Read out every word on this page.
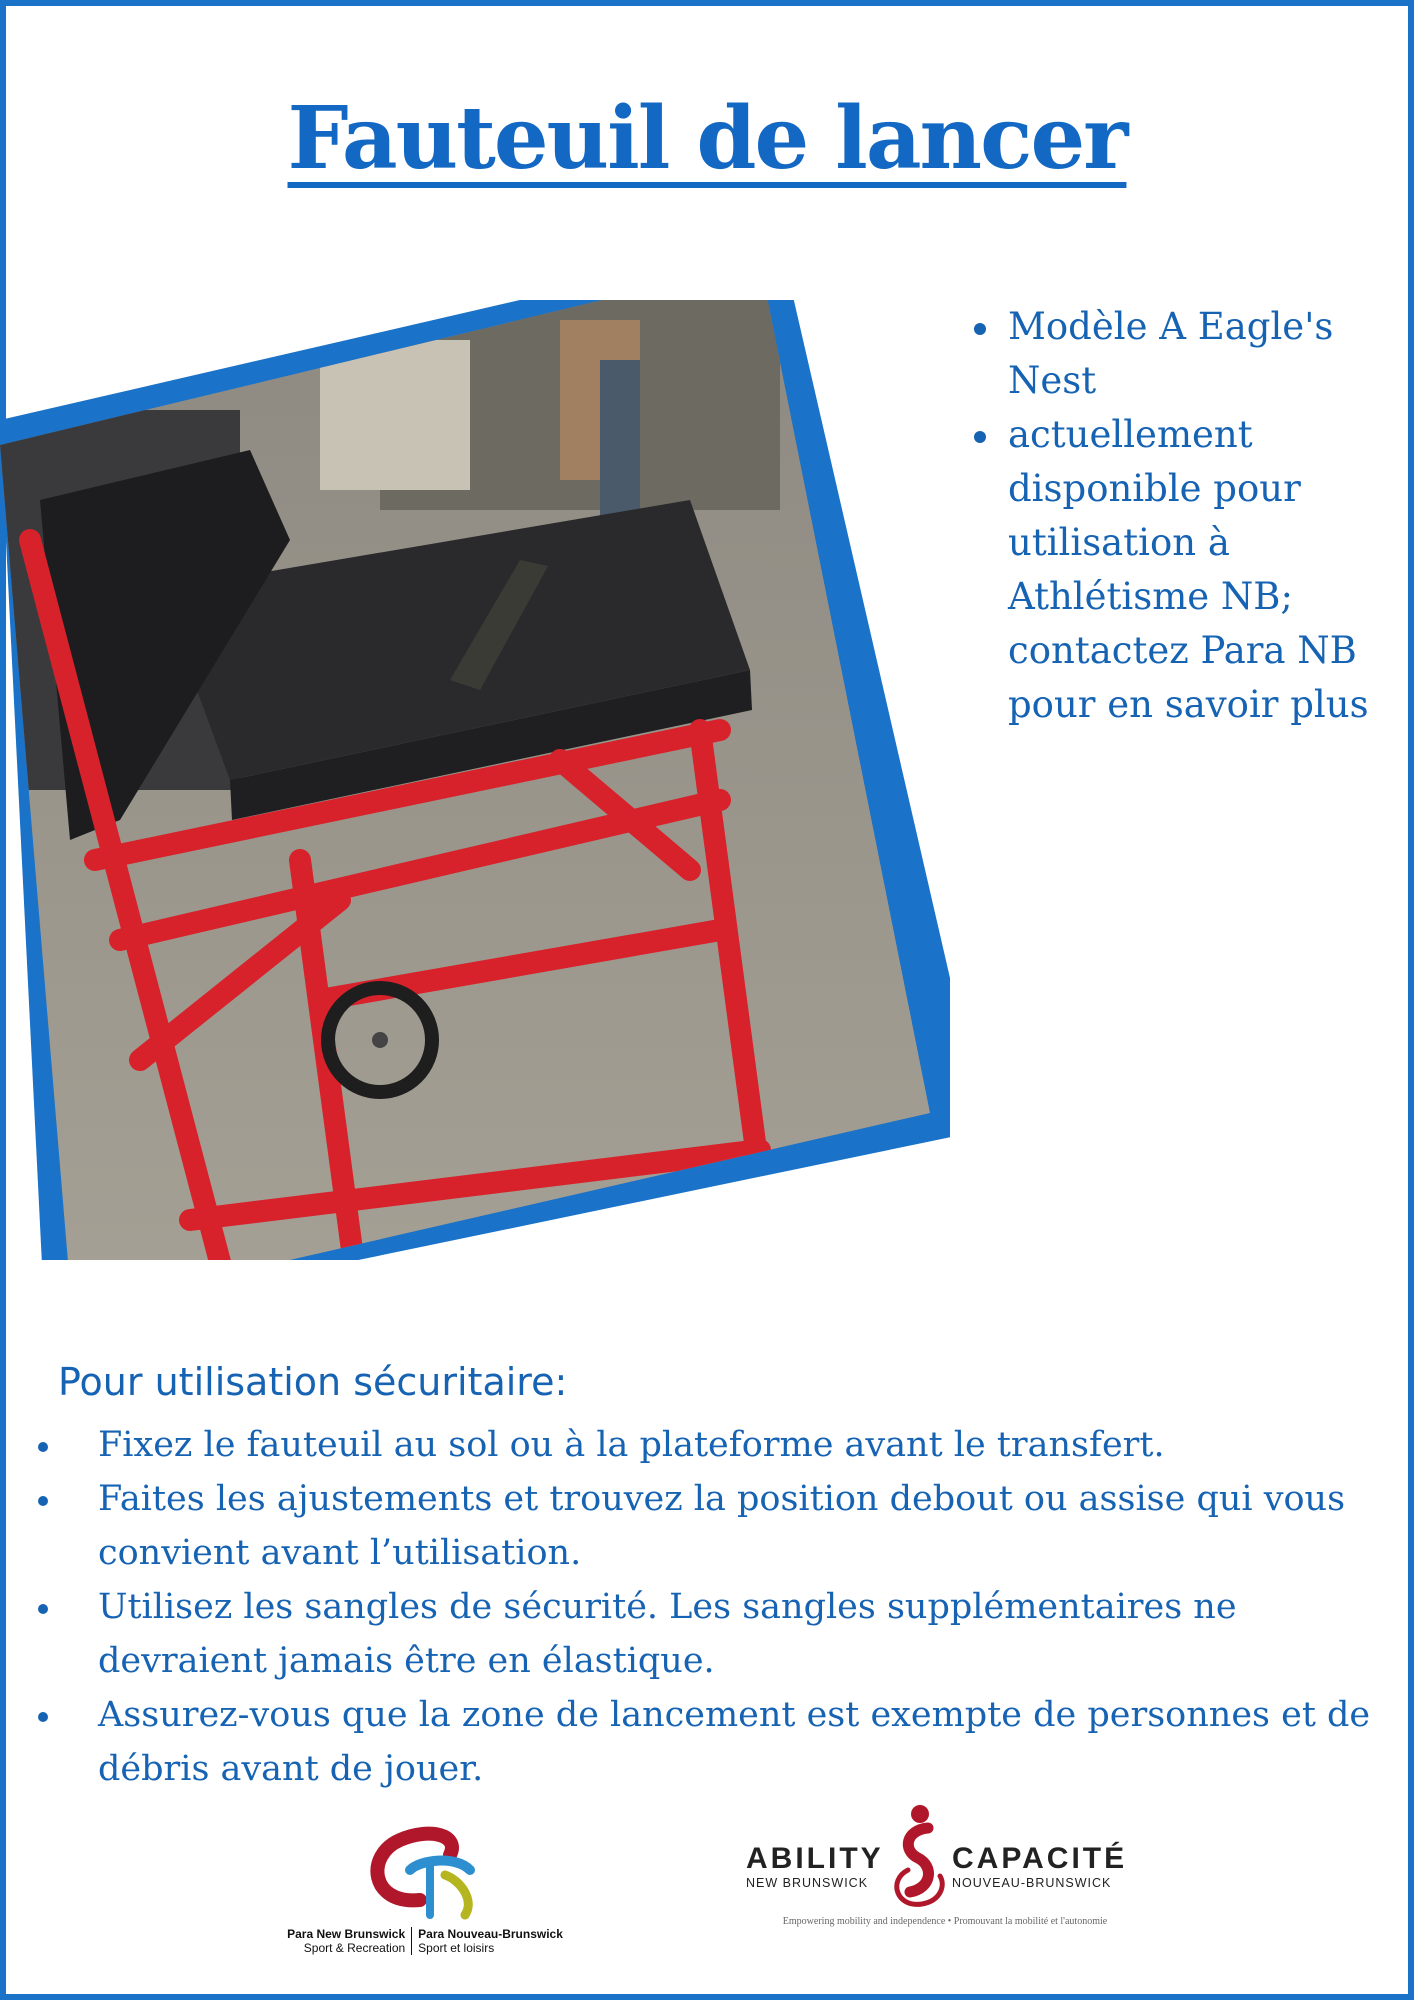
Fauteuil de lancer
Modèle A Eagle's Nest
actuellement disponible pour utilisation à Athlétisme NB; contactez Para NB pour en savoir plus
Pour utilisation sécuritaire:
Fixez le fauteuil au sol ou à la plateforme avant le transfert.
Faites les ajustements et trouvez la position debout ou assise qui vous convient avant l’utilisation.
Utilisez les sangles de sécurité. Les sangles supplémentaires ne devraient jamais être en élastique.
Assurez-vous que la zone de lancement est exempte de personnes et de débris avant de jouer.
Para New Brunswick
Sport & Recreation
Para Nouveau-Brunswick
Sport et loisirs
ABILITY
NEW BRUNSWICK
CAPACITÉ
NOUVEAU-BRUNSWICK
Empowering mobility and independence • Promouvant la mobilité et l'autonomie
